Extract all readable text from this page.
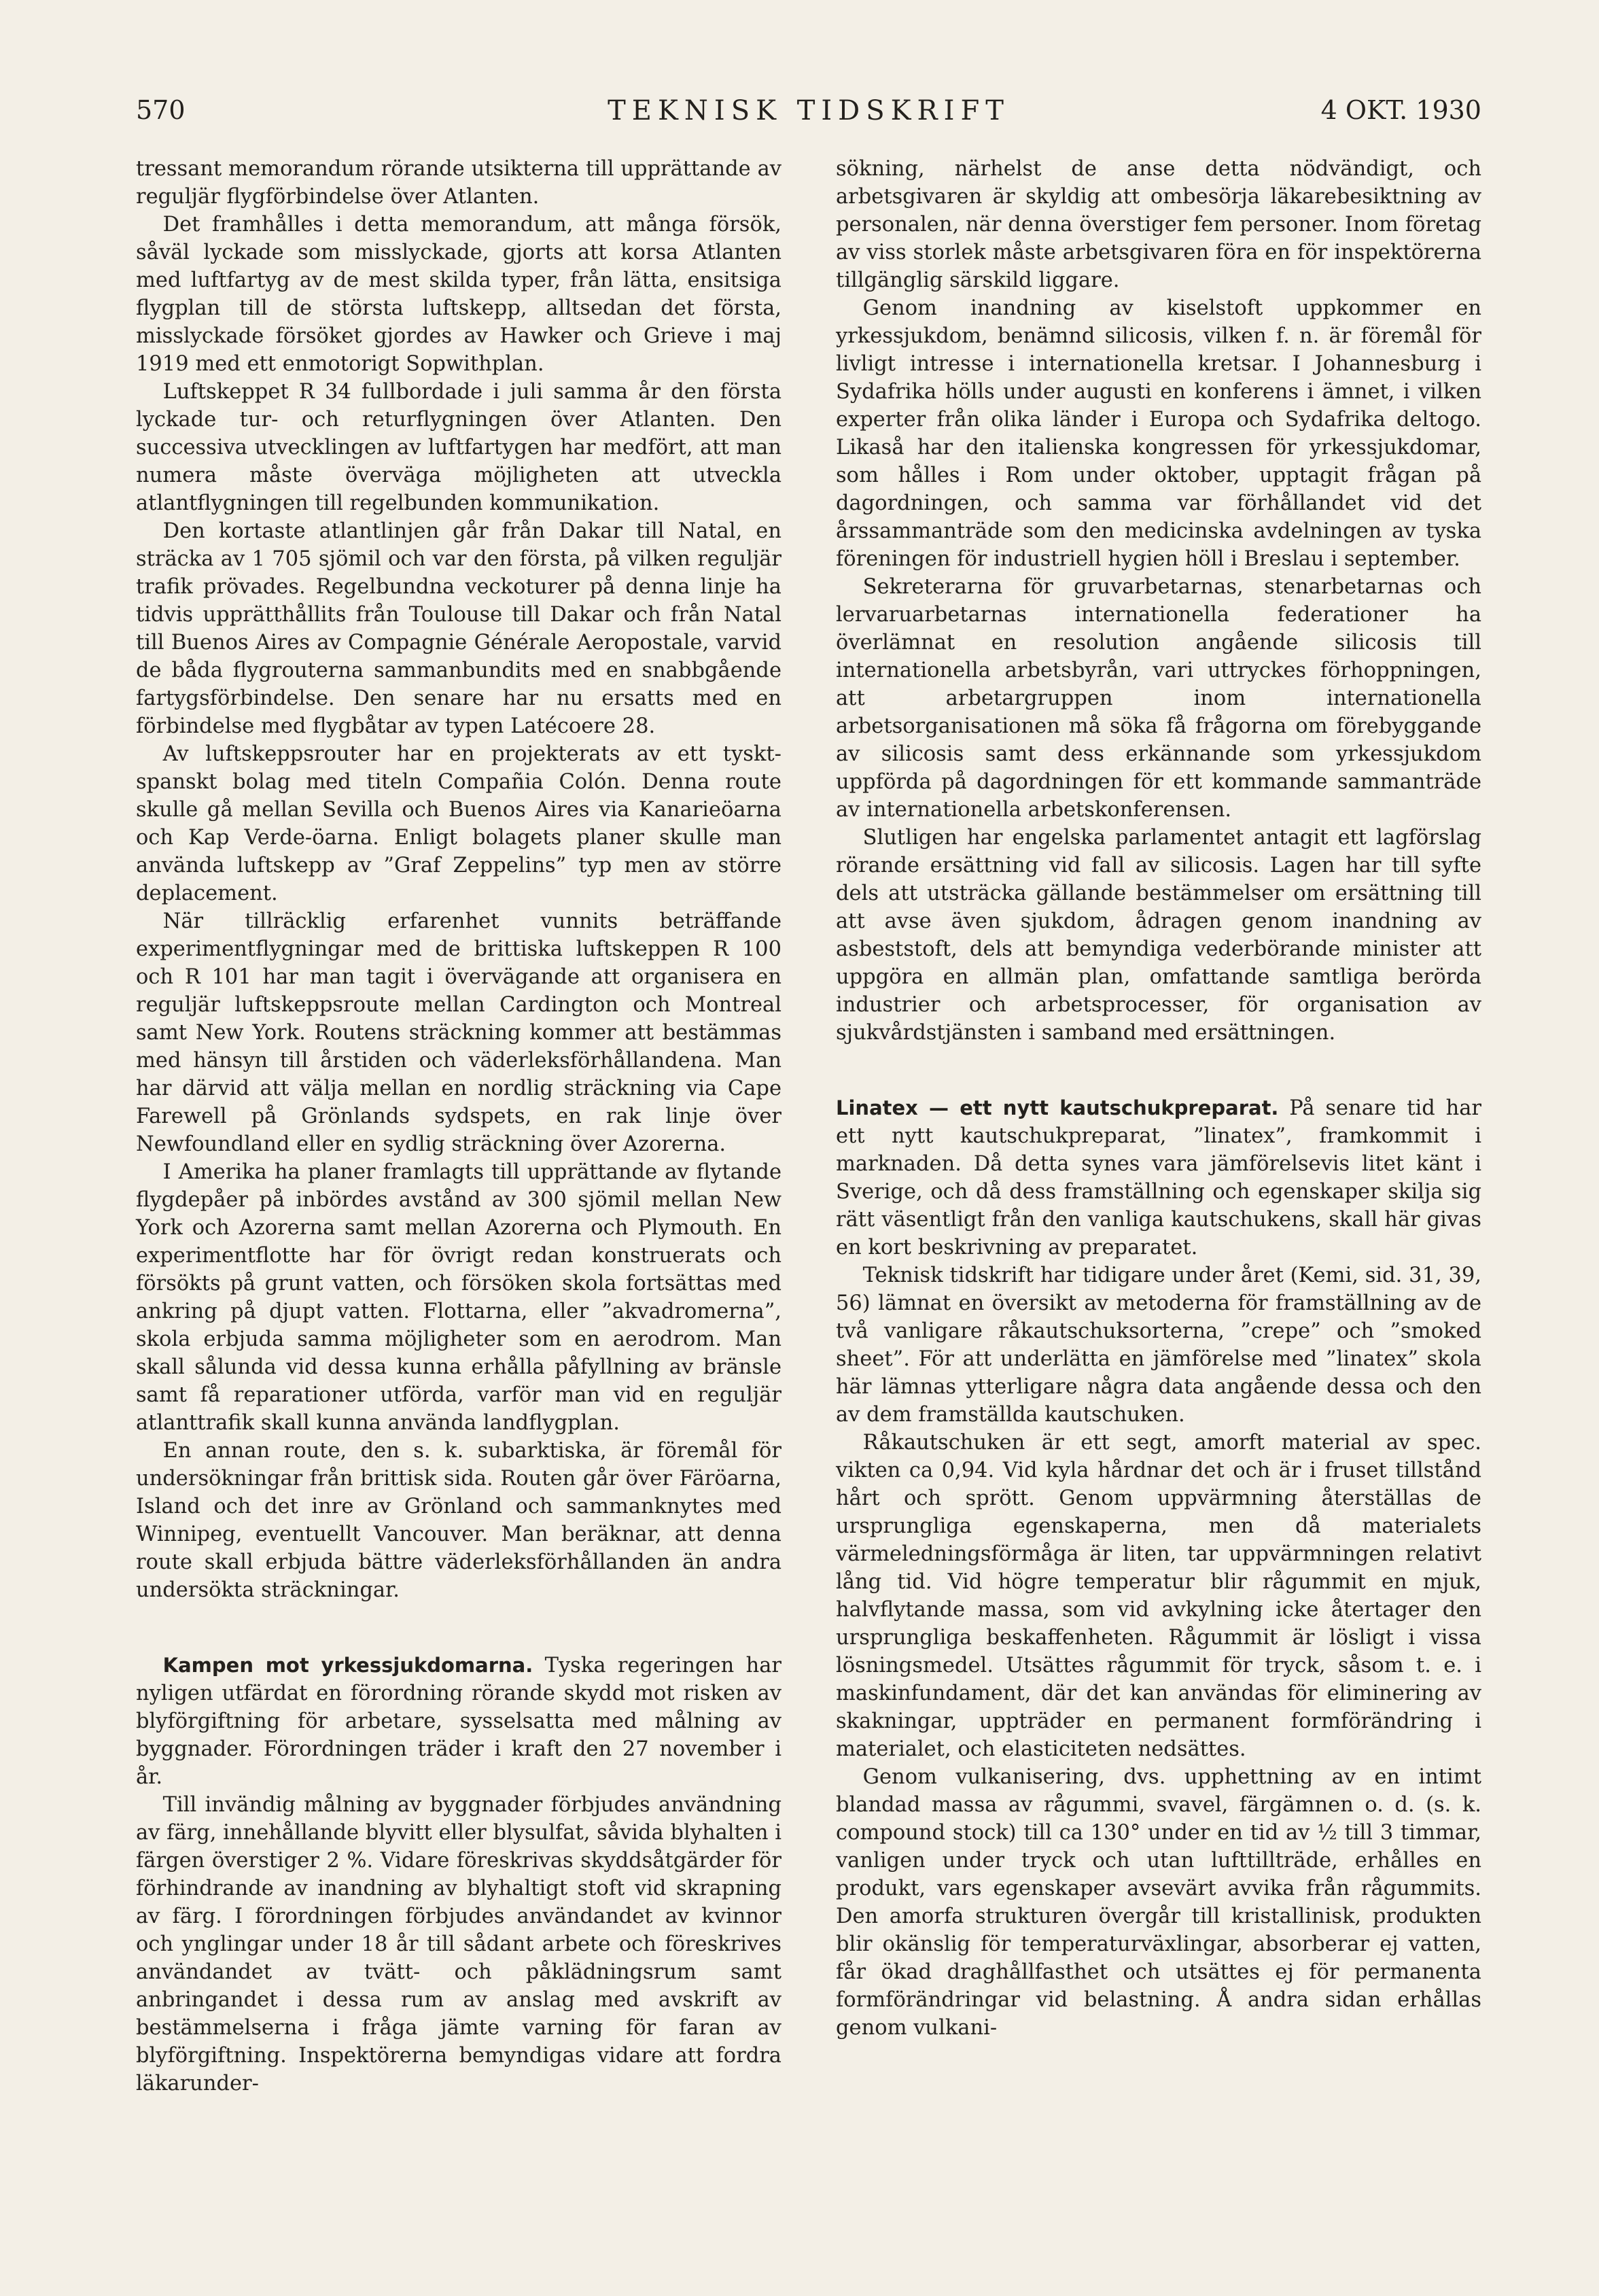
570	TEKNISK TIDSKRIFT	4 OKT. 1930

tressant memorandum rörande utsikterna till upprättande av reguljär flygförbindelse över Atlanten.

Det framhålles i detta memorandum, att många försök, såväl lyckade som misslyckade, gjorts att korsa Atlanten med luftfartyg av de mest skilda typer, från lätta, ensitsiga flygplan till de största luftskepp, alltsedan det första, misslyckade försöket gjordes av Hawker och Grieve i maj 1919 med ett enmotorigt Sopwithplan.

Luftskeppet R 34 fullbordade i juli samma år den första lyckade tur- och returflygningen över Atlanten. Den successiva utvecklingen av luftfartygen har medfört, att man numera måste överväga möjligheten att utveckla atlantflygningen till regelbunden kommunikation.

Den kortaste atlantlinjen går från Dakar till Natal, en sträcka av 1 705 sjömil och var den första, på vilken reguljär trafik prövades. Regelbundna veckoturer på denna linje ha tidvis upprätthållits från Toulouse till Dakar och från Natal till Buenos Aires av Compagnie Générale Aeropostale, varvid de båda flygrouterna sammanbundits med en snabbgående fartygsförbindelse. Den senare har nu ersatts med en förbindelse med flygbåtar av typen Latécoere 28.

Av luftskeppsrouter har en projekterats av ett tyskt-spanskt bolag med titeln Compañia Colón. Denna route skulle gå mellan Sevilla och Buenos Aires via Kanarieöarna och Kap Verde-öarna. Enligt bolagets planer skulle man använda luftskepp av ”Graf Zeppelins” typ men av större deplacement.

När tillräcklig erfarenhet vunnits beträffande experimentflygningar med de brittiska luftskeppen R 100 och R 101 har man tagit i övervägande att organisera en reguljär luftskeppsroute mellan Cardington och Montreal samt New York. Routens sträckning kommer att bestämmas med hänsyn till årstiden och väderleksförhållandena. Man har därvid att välja mellan en nordlig sträckning via Cape Farewell på Grönlands sydspets, en rak linje över Newfoundland eller en sydlig sträckning över Azorerna.

I Amerika ha planer framlagts till upprättande av flytande flygdepåer på inbördes avstånd av 300 sjömil mellan New York och Azorerna samt mellan Azorerna och Plymouth. En experimentflotte har för övrigt redan konstruerats och försökts på grunt vatten, och försöken skola fortsättas med ankring på djupt vatten. Flottarna, eller ”akvadromerna”, skola erbjuda samma möjligheter som en aerodrom. Man skall sålunda vid dessa kunna erhålla påfyllning av bränsle samt få reparationer utförda, varför man vid en reguljär atlanttrafik skall kunna använda landflygplan.

En annan route, den s. k. subarktiska, är föremål för undersökningar från brittisk sida. Routen går över Färöarna, Island och det inre av Grönland och sammanknytes med Winnipeg, eventuellt Vancouver. Man beräknar, att denna route skall erbjuda bättre väderleksförhållanden än andra undersökta sträckningar.

Kampen mot yrkessjukdomarna. Tyska regeringen har nyligen utfärdat en förordning rörande skydd mot risken av blyförgiftning för arbetare, sysselsatta med målning av byggnader. Förordningen träder i kraft den 27 november i år.

Till invändig målning av byggnader förbjudes användning av färg, innehållande blyvitt eller blysulfat, såvida blyhalten i färgen överstiger 2 %. Vidare föreskrivas skyddsåtgärder för förhindrande av inandning av blyhaltigt stoft vid skrapning av färg. I förordningen förbjudes användandet av kvinnor och ynglingar under 18 år till sådant arbete och föreskrives användandet av tvätt- och påklädningsrum samt anbringandet i dessa rum av anslag med avskrift av bestämmelserna i fråga jämte varning för faran av blyförgiftning. Inspektörerna bemyndigas vidare att fordra läkarunder-

sökning, närhelst de anse detta nödvändigt, och arbetsgivaren är skyldig att ombesörja läkarebesiktning av personalen, när denna överstiger fem personer. Inom företag av viss storlek måste arbetsgivaren föra en för inspektörerna tillgänglig särskild liggare.

Genom inandning av kiselstoft uppkommer en yrkessjukdom, benämnd silicosis, vilken f. n. är föremål för livligt intresse i internationella kretsar. I Johannesburg i Sydafrika hölls under augusti en konferens i ämnet, i vilken experter från olika länder i Europa och Sydafrika deltogo. Likaså har den italienska kongressen för yrkessjukdomar, som hålles i Rom under oktober, upptagit frågan på dagordningen, och samma var förhållandet vid det årssammanträde som den medicinska avdelningen av tyska föreningen för industriell hygien höll i Breslau i september.

Sekreterarna för gruvarbetarnas, stenarbetarnas och lervaruarbetarnas internationella federationer ha överlämnat en resolution angående silicosis till internationella arbetsbyrån, vari uttryckes förhoppningen, att arbetargruppen inom internationella arbetsorganisationen må söka få frågorna om förebyggande av silicosis samt dess erkännande som yrkessjukdom uppförda på dagordningen för ett kommande sammanträde av internationella arbetskonferensen.

Slutligen har engelska parlamentet antagit ett lagförslag rörande ersättning vid fall av silicosis. Lagen har till syfte dels att utsträcka gällande bestämmelser om ersättning till att avse även sjukdom, ådragen genom inandning av asbeststoft, dels att bemyndiga vederbörande minister att uppgöra en allmän plan, omfattande samtliga berörda industrier och arbetsprocesser, för organisation av sjukvårdstjänsten i samband med ersättningen.

Linatex — ett nytt kautschukpreparat. På senare tid har ett nytt kautschukpreparat, ”linatex”, framkommit i marknaden. Då detta synes vara jämförelsevis litet känt i Sverige, och då dess framställning och egenskaper skilja sig rätt väsentligt från den vanliga kautschukens, skall här givas en kort beskrivning av preparatet.

Teknisk tidskrift har tidigare under året (Kemi, sid. 31, 39, 56) lämnat en översikt av metoderna för framställning av de två vanligare råkautschuksorterna, ”crepe” och ”smoked sheet”. För att underlätta en jämförelse med ”linatex” skola här lämnas ytterligare några data angående dessa och den av dem framställda kautschuken.

Råkautschuken är ett segt, amorft material av spec. vikten ca 0,94. Vid kyla hårdnar det och är i fruset tillstånd hårt och sprött. Genom uppvärmning återställas de ursprungliga egenskaperna, men då materialets värmeledningsförmåga är liten, tar uppvärmningen relativt lång tid. Vid högre temperatur blir rågummit en mjuk, halvflytande massa, som vid avkylning icke återtager den ursprungliga beskaffenheten. Rågummit är lösligt i vissa lösningsmedel. Utsättes rågummit för tryck, såsom t. e. i maskinfundament, där det kan användas för eliminering av skakningar, uppträder en permanent formförändring i materialet, och elasticiteten nedsättes.

Genom vulkanisering, dvs. upphettning av en intimt blandad massa av rågummi, svavel, färgämnen o. d. (s. k. compound stock) till ca 130° under en tid av ½ till 3 timmar, vanligen under tryck och utan lufttillträde, erhålles en produkt, vars egenskaper avsevärt avvika från rågummits. Den amorfa strukturen övergår till kristallinisk, produkten blir okänslig för temperaturväxlingar, absorberar ej vatten, får ökad draghållfasthet och utsättes ej för permanenta formförändringar vid belastning. Å andra sidan erhållas genom vulkani-
